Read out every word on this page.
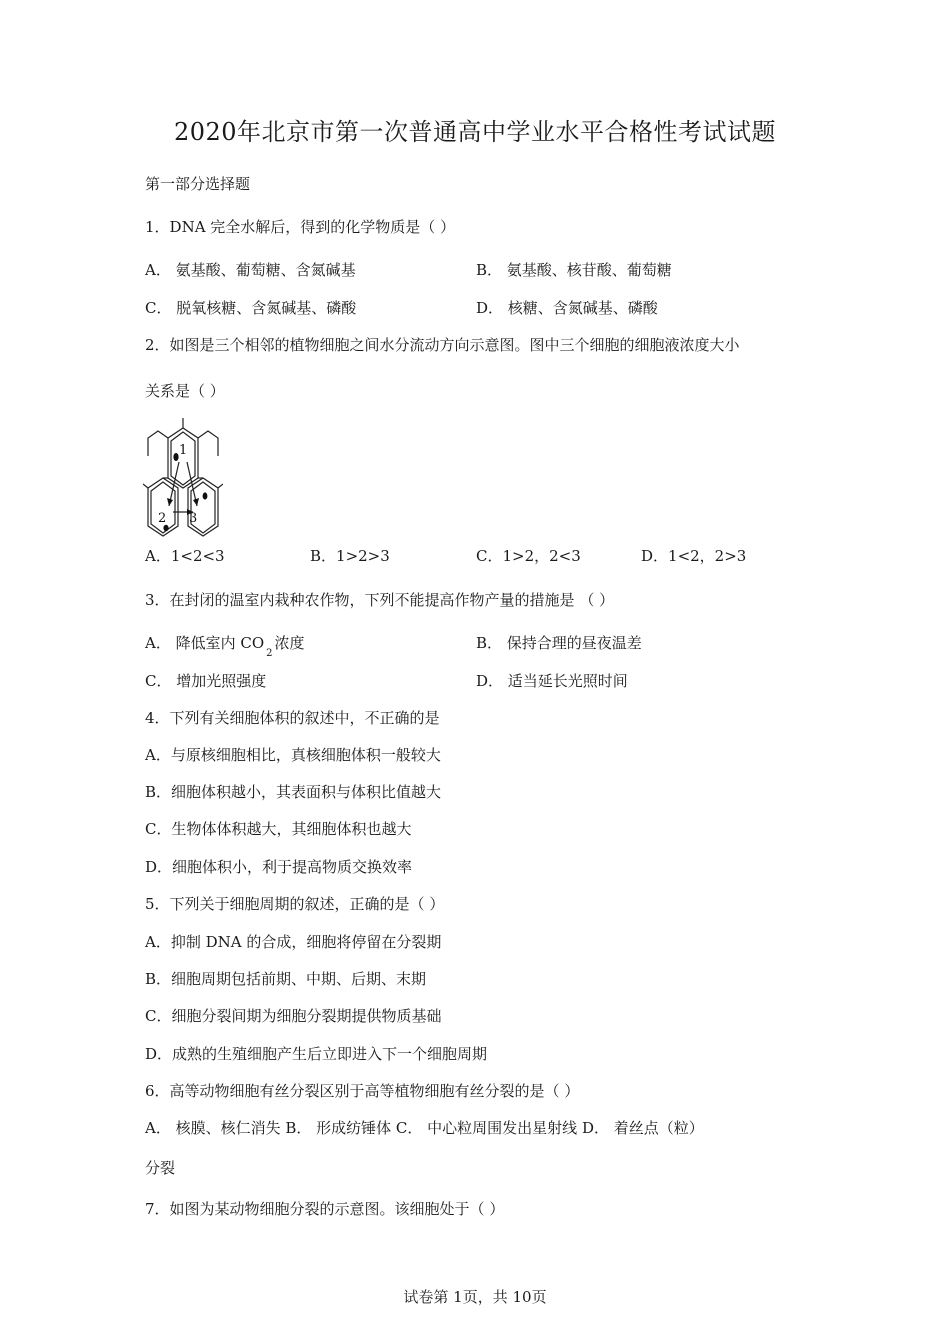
2020年北京市第一次普通高中学业水平合格性考试试题
第一部分选择题
1．DNA 完全水解后，得到的化学物质是（ ）
A． 氨基酸、葡萄糖、含氮碱基	B． 氨基酸、核苷酸、葡萄糖
C． 脱氧核糖、含氮碱基、磷酸	D． 核糖、含氮碱基、磷酸
2．如图是三个相邻的植物细胞之间水分流动方向示意图。图中三个细胞的细胞液浓度大小
关系是（ ）
1
2 3
A．1<2<3	B．1>2>3	C．1>2，2<3	D．1<2，2>3
3．在封闭的温室内栽种农作物，下列不能提高作物产量的措施是 （ ）
A． 降低室内 $CO_2$浓度	B． 保持合理的昼夜温差
C． 增加光照强度	D． 适当延长光照时间
4．下列有关细胞体积的叙述中，不正确的是
A．与原核细胞相比，真核细胞体积一般较大
B．细胞体积越小，其表面积与体积比值越大
C．生物体体积越大，其细胞体积也越大
D．细胞体积小，利于提高物质交换效率
5．下列关于细胞周期的叙述，正确的是（ ）
A．抑制 DNA 的合成，细胞将停留在分裂期
B．细胞周期包括前期、中期、后期、末期
C．细胞分裂间期为细胞分裂期提供物质基础
D．成熟的生殖细胞产生后立即进入下一个细胞周期
6．高等动物细胞有丝分裂区别于高等植物细胞有丝分裂的是（ ）
A． 核膜、核仁消失 B． 形成纺锤体 C． 中心粒周围发出星射线 D． 着丝点（粒）
分裂
7．如图为某动物细胞分裂的示意图。该细胞处于（ ）
试卷第 1页，共 10页
